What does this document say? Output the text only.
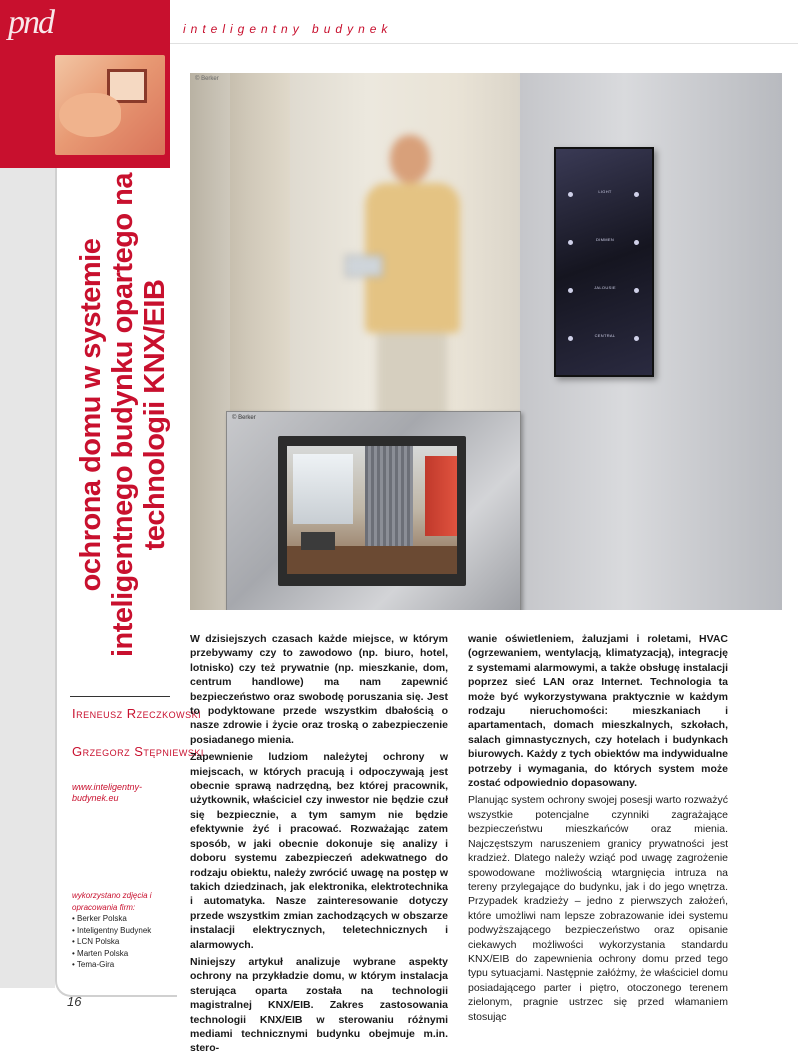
pnd	inteligentny budynek
ochrona domu w systemie inteligentnego budynku opartego na technologii KNX/EIB
Ireneusz Rzeczkowski
Grzegorz Stępniewski
www.inteligentny-budynek.eu
wykorzystano zdjęcia i opracowania firm:
• Berker Polska
• Inteligentny Budynek
• LCN Polska
• Marten Polska
• Tema-Gira
16
© Berker
LIGHT
DIMMEN
JALOUSIE
CENTRAL
© Berker

W dzisiejszych czasach każde miejsce, w którym przebywamy czy to zawodowo (np. biuro, hotel, lotnisko) czy też prywatnie (np. mieszkanie, dom, centrum handlowe) ma nam zapewnić bezpieczeństwo oraz swobodę poruszania się. Jest to podyktowane przede wszystkim dbałością o nasze zdrowie i życie oraz troską o zabezpieczenie posiadanego mienia.

Zapewnienie ludziom należytej ochrony w miejscach, w których pracują i odpoczywają jest obecnie sprawą nadrzędną, bez której pracownik, użytkownik, właściciel czy inwestor nie będzie czuł się bezpiecznie, a tym samym nie będzie efektywnie żyć i pracować. Rozważając zatem sposób, w jaki obecnie dokonuje się analizy i doboru systemu zabezpieczeń adekwatnego do rodzaju obiektu, należy zwrócić uwagę na postęp w takich dziedzinach, jak elektronika, elektrotechnika i automatyka. Nasze zainteresowanie dotyczy przede wszystkim zmian zachodzących w obszarze instalacji elektrycznych, teletechnicznych i alarmowych.

Niniejszy artykuł analizuje wybrane aspekty ochrony na przykładzie domu, w którym instalacja sterująca oparta została na technologii magistralnej KNX/EIB. Zakres zastosowania technologii KNX/EIB w sterowaniu różnymi mediami technicznymi budynku obejmuje m.in. stero-

wanie oświetleniem, żaluzjami i roletami, HVAC (ogrzewaniem, wentylacją, klimatyzacją), integrację z systemami alarmowymi, a także obsługę instalacji poprzez sieć LAN oraz Internet. Technologia ta może być wykorzystywana praktycznie w każdym rodzaju nieruchomości: mieszkaniach i apartamentach, domach mieszkalnych, szkołach, salach gimnastycznych, czy hotelach i budynkach biurowych. Każdy z tych obiektów ma indywidualne potrzeby i wymagania, do których system może zostać odpowiednio dopasowany.

Planując system ochrony swojej posesji warto rozważyć wszystkie potencjalne czynniki zagrażające bezpieczeństwu mieszkańców oraz mienia. Najczęstszym naruszeniem granicy prywatności jest kradzież. Dlatego należy wziąć pod uwagę zagrożenie spowodowane możliwością wtargnięcia intruza na tereny przylegające do budynku, jak i do jego wnętrza. Przypadek kradzieży – jedno z pierwszych założeń, które umożliwi nam lepsze zobrazowanie idei systemu podwyższającego bezpieczeństwo oraz opisanie ciekawych możliwości wykorzystania standardu KNX/EIB do zapewnienia ochrony domu przed tego typu sytuacjami. Następnie załóżmy, że właściciel domu posiadającego parter i piętro, otoczonego terenem zielonym, pragnie ustrzec się przed włamaniem stosując
